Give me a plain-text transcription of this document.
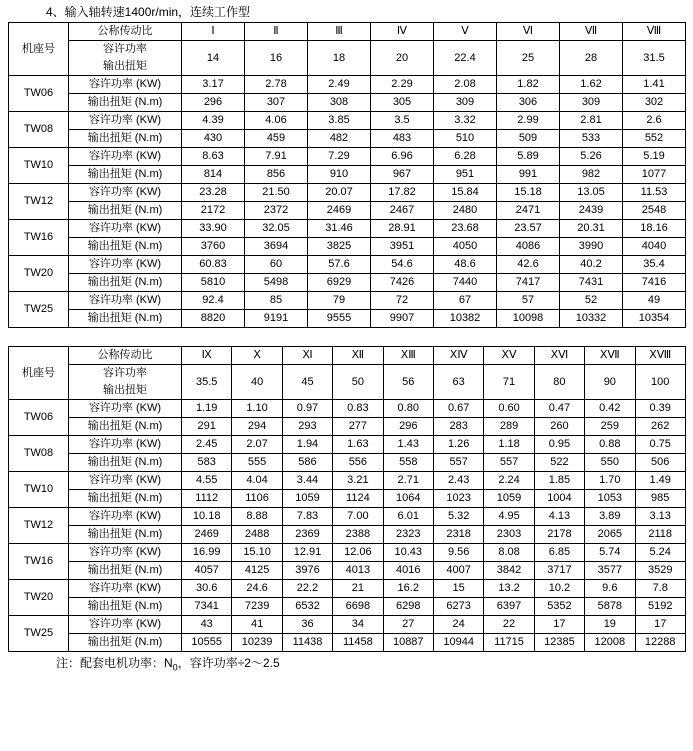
4、输入轴转速1400r/min，连续工作型
机座号	公称传动比	Ⅰ	Ⅱ	Ⅲ	Ⅳ	Ⅴ	Ⅵ	Ⅶ	Ⅷ
	容许功率	14	16	18	20	22.4	25	28	31.5
	输出扭矩								
TW06	容许功率 (KW)	3.17	2.78	2.49	2.29	2.08	1.82	1.62	1.41
	输出扭矩 (N.m)	296	307	308	305	309	306	309	302
TW08	容许功率 (KW)	4.39	4.06	3.85	3.5	3.32	2.99	2.81	2.6
	输出扭矩 (N.m)	430	459	482	483	510	509	533	552
TW10	容许功率 (KW)	8.63	7.91	7.29	6.96	6.28	5.89	5.26	5.19
	输出扭矩 (N.m)	814	856	910	967	951	991	982	1077
TW12	容许功率 (KW)	23.28	21.50	20.07	17.82	15.84	15.18	13.05	11.53
	输出扭矩 (N.m)	2172	2372	2469	2467	2480	2471	2439	2548
TW16	容许功率 (KW)	33.90	32.05	31.46	28.91	23.68	23.57	20.31	18.16
	输出扭矩 (N.m)	3760	3694	3825	3951	4050	4086	3990	4040
TW20	容许功率 (KW)	60.83	60	57.6	54.6	48.6	42.6	40.2	35.4
	输出扭矩 (N.m)	5810	5498	6929	7426	7440	7417	7431	7416
TW25	容许功率 (KW)	92.4	85	79	72	67	57	52	49
	输出扭矩 (N.m)	8820	9191	9555	9907	10382	10098	10332	10354
机座号	公称传动比	Ⅸ	Ⅹ	Ⅺ	Ⅻ	ⅩⅢ	ⅩⅣ	ⅩⅤ	ⅩⅥ	ⅩⅦ	ⅩⅧ
	容许功率	35.5	40	45	50	56	63	71	80	90	100
	输出扭矩										
TW06	容许功率 (KW)	1.19	1.10	0.97	0.83	0.80	0.67	0.60	0.47	0.42	0.39
	输出扭矩 (N.m)	291	294	293	277	296	283	289	260	259	262
TW08	容许功率 (KW)	2.45	2.07	1.94	1.63	1.43	1.26	1.18	0.95	0.88	0.75
	输出扭矩 (N.m)	583	555	586	556	558	557	557	522	550	506
TW10	容许功率 (KW)	4.55	4.04	3.44	3.21	2.71	2.43	2.24	1.85	1.70	1.49
	输出扭矩 (N.m)	1112	1106	1059	1124	1064	1023	1059	1004	1053	985
TW12	容许功率 (KW)	10.18	8.88	7.83	7.00	6.01	5.32	4.95	4.13	3.89	3.13
	输出扭矩 (N.m)	2469	2488	2369	2388	2323	2318	2303	2178	2065	2118
TW16	容许功率 (KW)	16.99	15.10	12.91	12.06	10.43	9.56	8.08	6.85	5.74	5.24
	输出扭矩 (N.m)	4057	4125	3976	4013	4016	4007	3842	3717	3577	3529
TW20	容许功率 (KW)	30.6	24.6	22.2	21	16.2	15	13.2	10.2	9.6	7.8
	输出扭矩 (N.m)	7341	7239	6532	6698	6298	6273	6397	5352	5878	5192
TW25	容许功率 (KW)	43	41	36	34	27	24	22	17	19	17
	输出扭矩 (N.m)	10555	10239	11438	11458	10887	10944	11715	12385	12008	12288
注：配套电机功率：$N_0$，容许功率÷2～2.5
